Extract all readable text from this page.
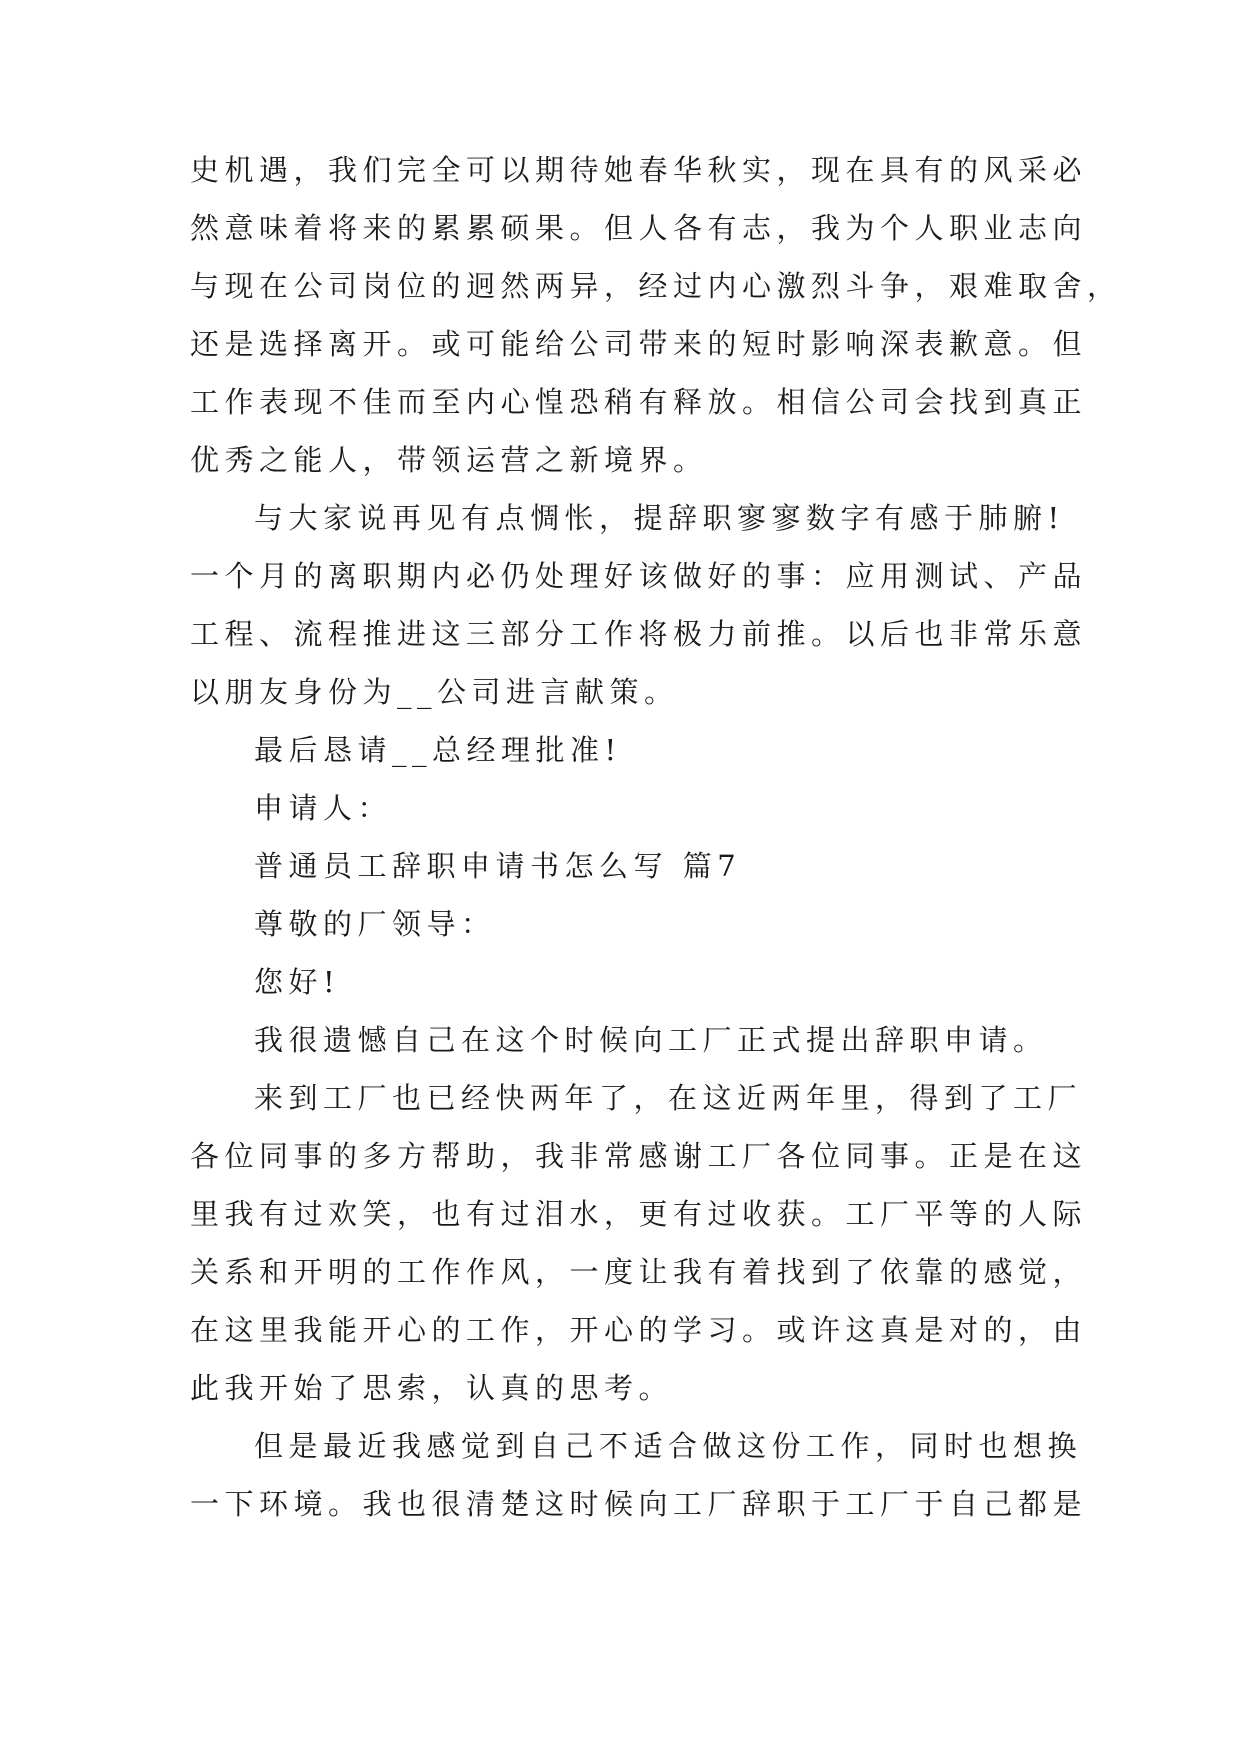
史机遇，我们完全可以期待她春华秋实，现在具有的风采必
然意味着将来的累累硕果。但人各有志，我为个人职业志向
与现在公司岗位的迥然两异，经过内心激烈斗争，艰难取舍，
还是选择离开。或可能给公司带来的短时影响深表歉意。但
工作表现不佳而至内心惶恐稍有释放。相信公司会找到真正
优秀之能人，带领运营之新境界。
与大家说再见有点惆怅，提辞职寥寥数字有感于肺腑!
一个月的离职期内必仍处理好该做好的事：应用测试、产品
工程、流程推进这三部分工作将极力前推。以后也非常乐意
以朋友身份为__公司进言献策。
最后恳请__总经理批准!
申请人：
普通员工辞职申请书怎么写 篇7
尊敬的厂领导：
您好!
我很遗憾自己在这个时候向工厂正式提出辞职申请。
来到工厂也已经快两年了，在这近两年里，得到了工厂
各位同事的多方帮助，我非常感谢工厂各位同事。正是在这
里我有过欢笑，也有过泪水，更有过收获。工厂平等的人际
关系和开明的工作作风，一度让我有着找到了依靠的感觉，
在这里我能开心的工作，开心的学习。或许这真是对的，由
此我开始了思索，认真的思考。
但是最近我感觉到自己不适合做这份工作，同时也想换
一下环境。我也很清楚这时候向工厂辞职于工厂于自己都是
